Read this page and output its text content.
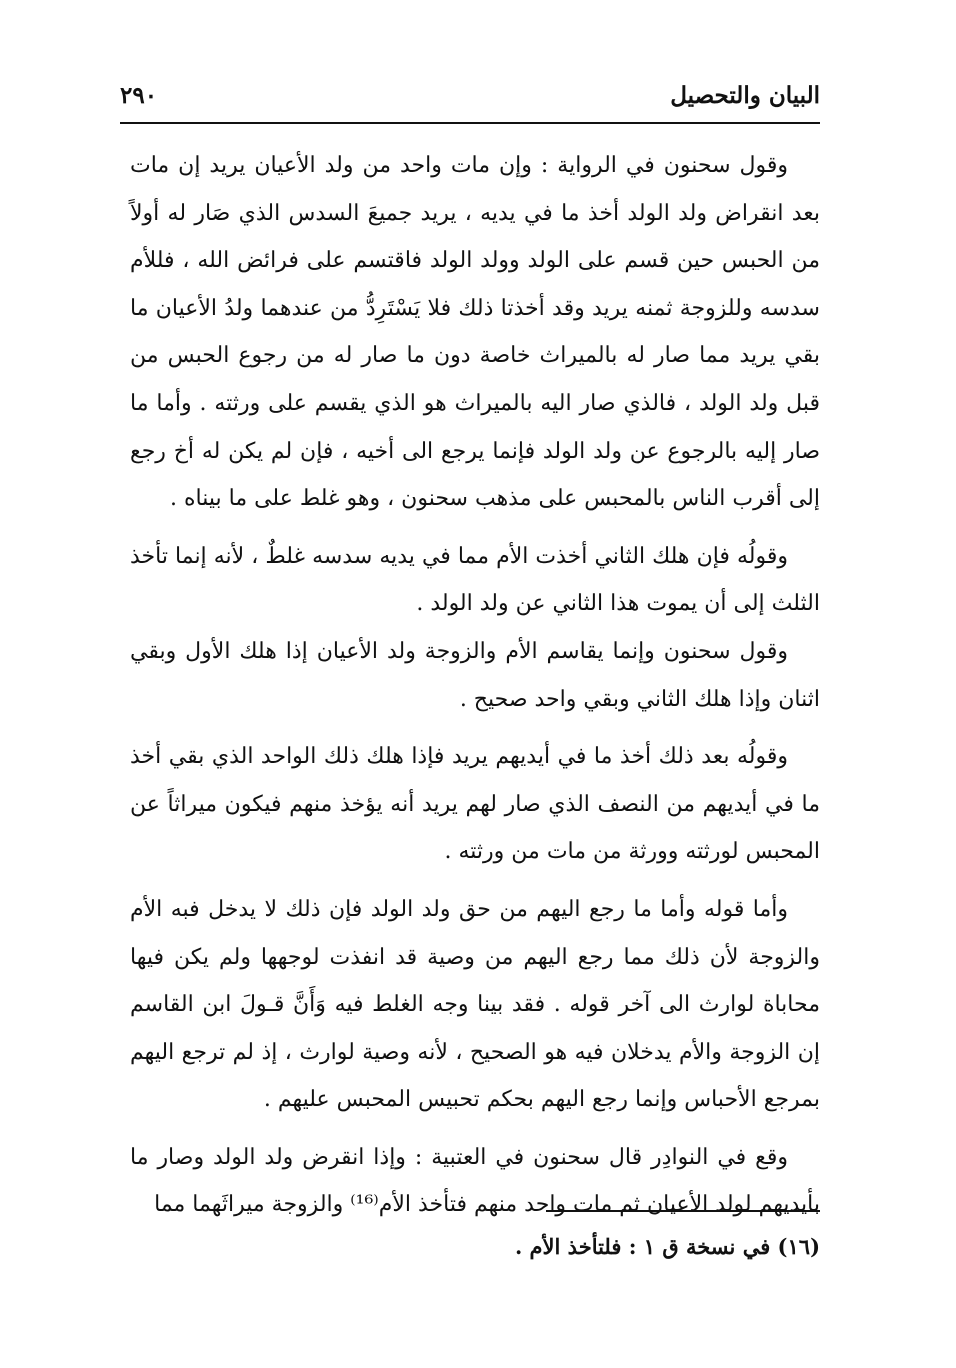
البيان والتحصيل
٢٩٠

وقول سحنون في الرواية : وإن مات واحد من ولد الأعيان يريد إن مات بعد انقراض ولد الولد أخذ ما في يديه ، يريد جميعَ السدس الذي صَار له أولاً من الحبس حين قسم على الولد وولد الولد فاقتسم على فرائض الله ، فللأم سدسه وللزوجة ثمنه يريد وقد أخذتا ذلك فلا يَسْتَرِدُّ من عندهما ولدُ الأعيان ما بقي يريد مما صار له بالميراث خاصة دون ما صار له من رجوع الحبس من قبل ولد الولد ، فالذي صار اليه بالميراث هو الذي يقسم على ورثته . وأما ما صار إليه بالرجوع عن ولد الولد فإنما يرجع الى أخيه ، فإن لم يكن له أخ رجع إلى أقرب الناس بالمحبس على مذهب سحنون ، وهو غلط على ما بيناه .

وقولُه فإن هلك الثاني أخذت الأم مما في يديه سدسه غلطٌ ، لأنه إنما تأخذ الثلث إلى أن يموت هذا الثاني عن ولد الولد .

وقول سحنون وإنما يقاسم الأم والزوجة ولد الأعيان إذا هلك الأول وبقي اثنان وإذا هلك الثاني وبقي واحد صحيح .

وقولُه بعد ذلك أخذ ما في أيديهم يريد فإذا هلك ذلك الواحد الذي بقي أخذ ما في أيديهم من النصف الذي صار لهم يريد أنه يؤخذ منهم فيكون ميراثاً عن المحبس لورثته وورثة من مات من ورثته .

وأما قوله وأما ما رجع اليهم من حق ولد الولد فإن ذلك لا يدخل فبه الأم والزوجة لأن ذلك مما رجع اليهم من وصية قد انفذت لوجهها ولم يكن فيها محاباة لوارث الى آخر قوله . فقد بينا وجه الغلط فيه وَأَنَّ قـولَ ابن القاسم إن الزوجة والأم يدخلان فيه هو الصحيح ، لأنه وصية لوارث ، إذ لم ترجع اليهم بمرجع الأحباس وإنما رجع اليهم بحكم تحبيس المحبس عليهم .

وقع في النوادِر قال سحنون في العتبية : وإذا انقرض ولد الولد وصار ما بأيديهم لولد الأعيان ثم مات واحد منهم فتأخذ الأم⁽¹⁶⁾ والزوجة ميراثَهما مما

(١٦) في نسخة ق ١ : فلتأخذ الأم .
